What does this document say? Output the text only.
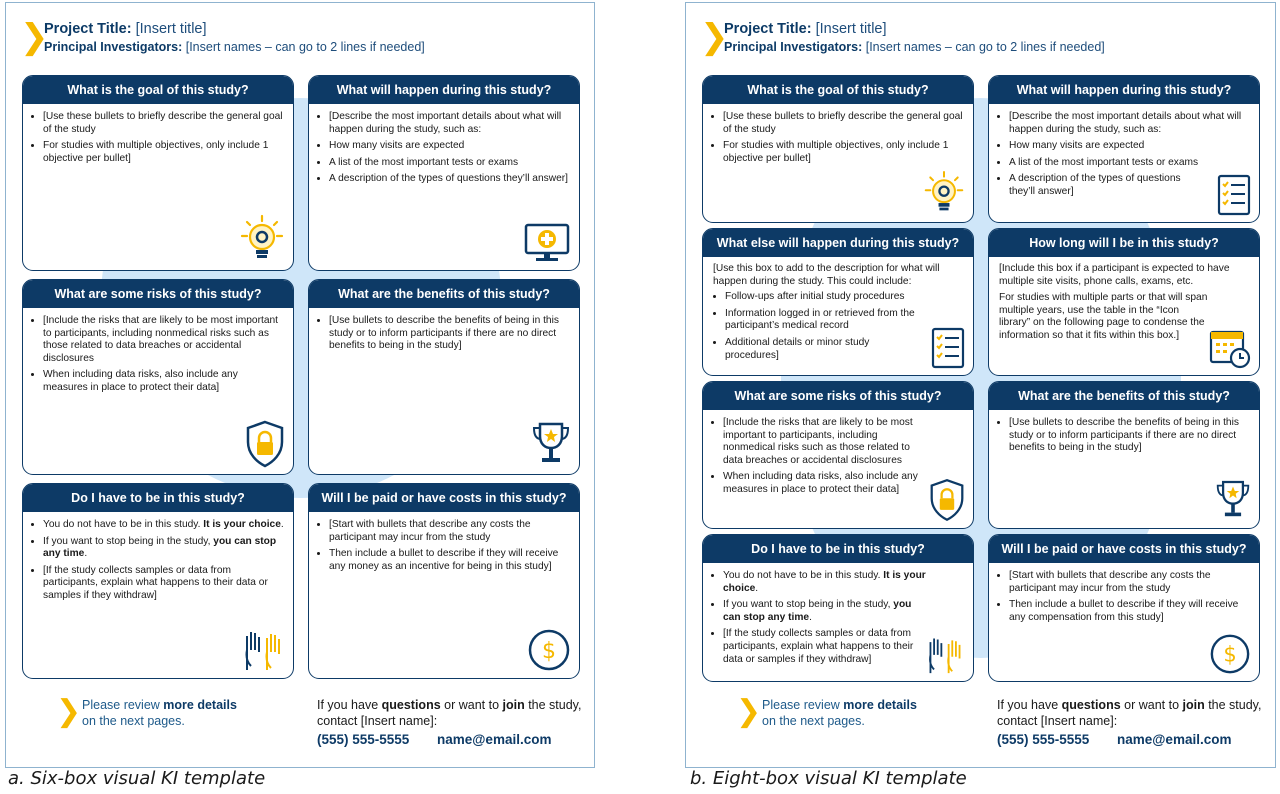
❯
Project Title: [Insert title]
Principal Investigators: [Insert names – can go to 2 lines if needed]
What is the goal of this study?
• [Use these bullets to briefly describe the general goal of the study
• For studies with multiple objectives, only include 1 objective per bullet]
What will happen during this study?
• [Describe the most important details about what will happen during the study, such as:
• How many visits are expected
• A list of the most important tests or exams
• A description of the types of questions they’ll answer]
What are some risks of this study?
• [Include the risks that are likely to be most important to participants, including nonmedical risks such as those related to data breaches or accidental disclosures
• When including data risks, also include any measures in place to protect their data]
What are the benefits of this study?
• [Use bullets to describe the benefits of being in this study or to inform participants if there are no direct benefits to being in the study]
Do I have to be in this study?
• You do not have to be in this study. It is your choice.
• If you want to stop being in the study, you can stop any time.
• [If the study collects samples or data from participants, explain what happens to their data or samples if they withdraw]
Will I be paid or have costs in this study?
• [Start with bullets that describe any costs the participant may incur from the study
• Then include a bullet to describe if they will receive any money as an incentive for being in this study]
$
❯ Please review more details
on the next pages.
If you have questions or want to join the study,
contact [Insert name]:
(555) 555-5555 name@email.com
❯
Project Title: [Insert title]
Principal Investigators: [Insert names – can go to 2 lines if needed]
What is the goal of this study?
• [Use these bullets to briefly describe the general goal of the study
• For studies with multiple objectives, only include 1 objective per bullet]
What will happen during this study?
• [Describe the most important details about what will happen during the study, such as:
• How many visits are expected
• A list of the most important tests or exams
• A description of the types of questions they’ll answer]
What else will happen during this study?

[Use this box to add to the description for what will happen during the study. This could include:

• Follow-ups after initial study procedures
• Information logged in or retrieved from the participant’s medical record
• Additional details or minor study procedures]
How long will I be in this study?

[Include this box if a participant is expected to have multiple site visits, phone calls, exams, etc.

For studies with multiple parts or that will span multiple years, use the table in the “Icon library” on the following page to condense the information so that it fits within this box.]

What are some risks of this study?
• [Include the risks that are likely to be most important to participants, including nonmedical risks such as those related to data breaches or accidental disclosures
• When including data risks, also include any measures in place to protect their data]
What are the benefits of this study?
• [Use bullets to describe the benefits of being in this study or to inform participants if there are no direct benefits to being in the study]
Do I have to be in this study?
• You do not have to be in this study. It is your choice.
• If you want to stop being in the study, you can stop any time.
• [If the study collects samples or data from participants, explain what happens to their data or samples if they withdraw]
Will I be paid or have costs in this study?
• [Start with bullets that describe any costs the participant may incur from the study
• Then include a bullet to describe if they will receive any compensation from this study]
$
❯ Please review more details
on the next pages.
If you have questions or want to join the study,
contact [Insert name]:
(555) 555-5555 name@email.com
a. Six-box visual KI template	b. Eight-box visual KI template
